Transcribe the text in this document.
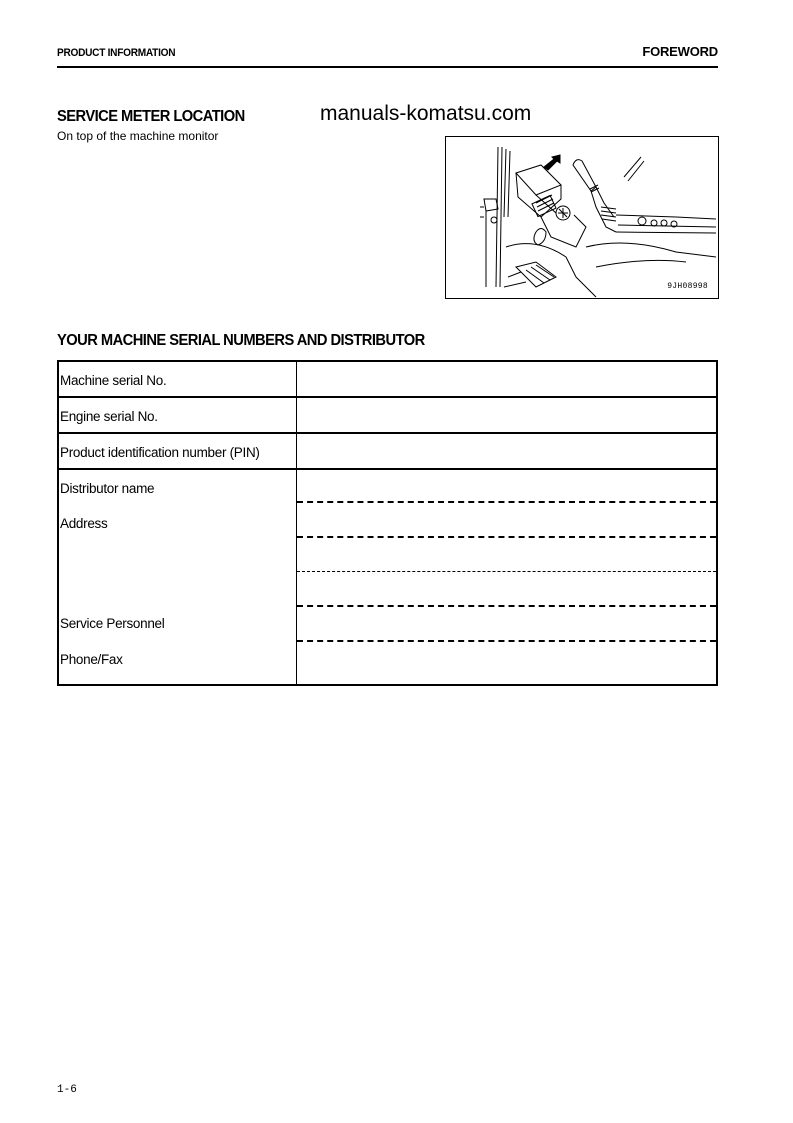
PRODUCT INFORMATION	FOREWORD
SERVICE METER LOCATION
On top of the machine monitor
manuals-komatsu.com
9JH08998
YOUR MACHINE SERIAL NUMBERS AND DISTRIBUTOR
Machine serial No.
Engine serial No.
Product identification number (PIN)
Distributor name
Address
Service Personnel
Phone/Fax
1-6
